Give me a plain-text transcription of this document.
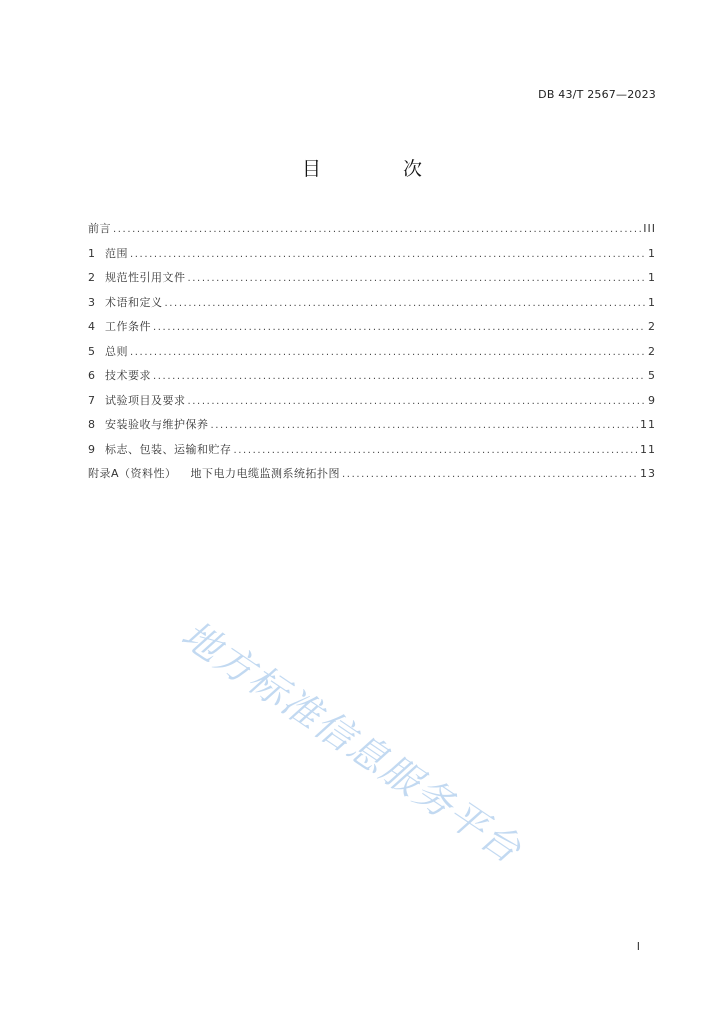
DB 43/T 2567—2023
目 次
前言 .....	III
1 范围 .....	1
2 规范性引用文件 .....	1
3 术语和定义 .....	1
4 工作条件 .....	2
5 总则 .....	2
6 技术要求 .....	5
7 试验项目及要求 .....	9
8 安装验收与维护保养 .....	11
9 标志、包装、运输和贮存 .....	11
附录A（资料性） 地下电力电缆监测系统拓扑图 .....	13
地方标准信息服务平台
I
